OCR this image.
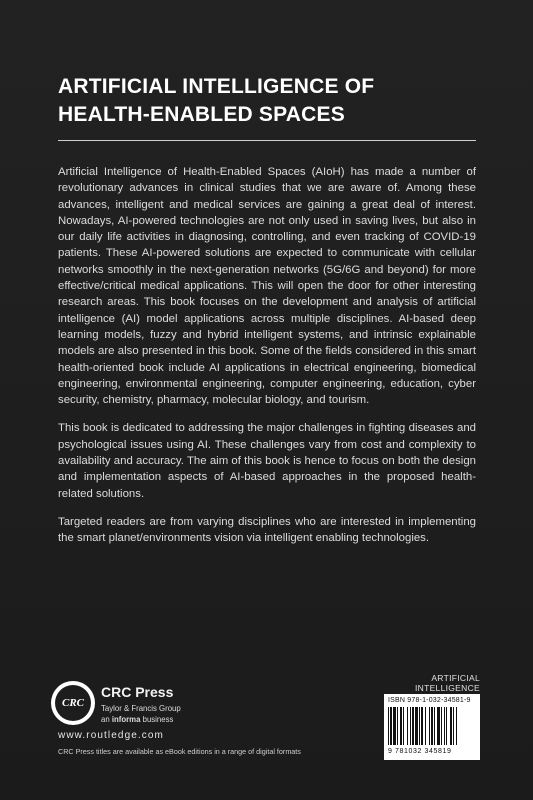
ARTIFICIAL INTELLIGENCE OF
HEALTH-ENABLED SPACES

Artificial Intelligence of Health-Enabled Spaces (AIoH) has made a number of revolutionary advances in clinical studies that we are aware of. Among these advances, intelligent and medical services are gaining a great deal of interest. Nowadays, AI-powered technologies are not only used in saving lives, but also in our daily life activities in diagnosing, controlling, and even tracking of COVID-19 patients. These AI-powered solutions are expected to communicate with cellular networks smoothly in the next-generation networks (5G/6G and beyond) for more effective/critical medical applications. This will open the door for other interesting research areas. This book focuses on the development and analysis of artificial intelligence (AI) model applications across multiple disciplines. AI-based deep learning models, fuzzy and hybrid intelligent systems, and intrinsic explainable models are also presented in this book. Some of the fields considered in this smart health-oriented book include AI applications in electrical engineering, biomedical engineering, environmental engineering, computer engineering, education, cyber security, chemistry, pharmacy, molecular biology, and tourism.

This book is dedicated to addressing the major challenges in fighting diseases and psychological issues using AI. These challenges vary from cost and complexity to availability and accuracy. The aim of this book is hence to focus on both the design and implementation aspects of AI-based approaches in the proposed health-related solutions.

Targeted readers are from varying disciplines who are interested in implementing the smart planet/environments vision via intelligent enabling technologies.

ARTIFICIAL INTELLIGENCE
CRC
CRC Press
Taylor & Francis Group
an informa business
www.routledge.com
CRC Press titles are available as eBook editions in a range of digital formats
ISBN 978-1-032-34581-9
9 781032 345819
